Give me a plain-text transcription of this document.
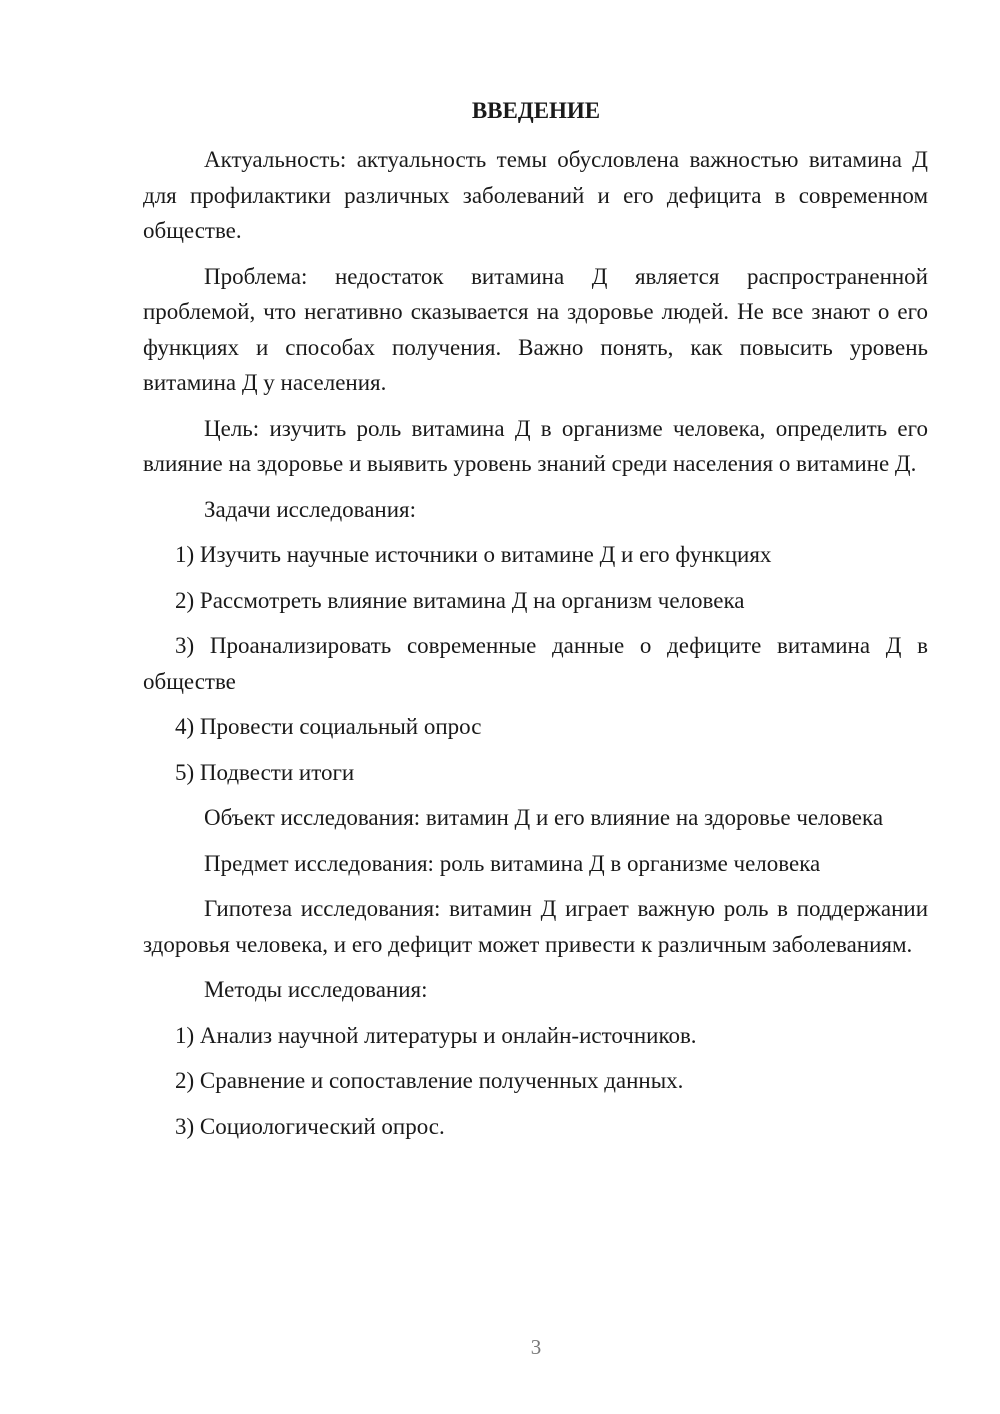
ВВЕДЕНИЕ

Актуальность: актуальность темы обусловлена важностью витамина Д для профилактики различных заболеваний и его дефицита в современном обществе.

Проблема: недостаток витамина Д является распространенной проблемой, что негативно сказывается на здоровье людей. Не все знают о его функциях и способах получения. Важно понять, как повысить уровень витамина Д у населения.

Цель: изучить роль витамина Д в организме человека, определить его влияние на здоровье и выявить уровень знаний среди населения о витамине Д.

Задачи исследования:

1) Изучить научные источники о витамине Д и его функциях

2) Рассмотреть влияние витамина Д на организм человека

3) Проанализировать современные данные о дефиците витамина Д в обществе

4) Провести социальный опрос

5) Подвести итоги

Объект исследования: витамин Д и его влияние на здоровье человека

Предмет исследования: роль витамина Д в организме человека

Гипотеза исследования: витамин Д играет важную роль в поддержании здоровья человека, и его дефицит может привести к различным заболеваниям.

Методы исследования:

1) Анализ научной литературы и онлайн-источников.

2) Сравнение и сопоставление полученных данных.

3) Социологический опрос.

3
